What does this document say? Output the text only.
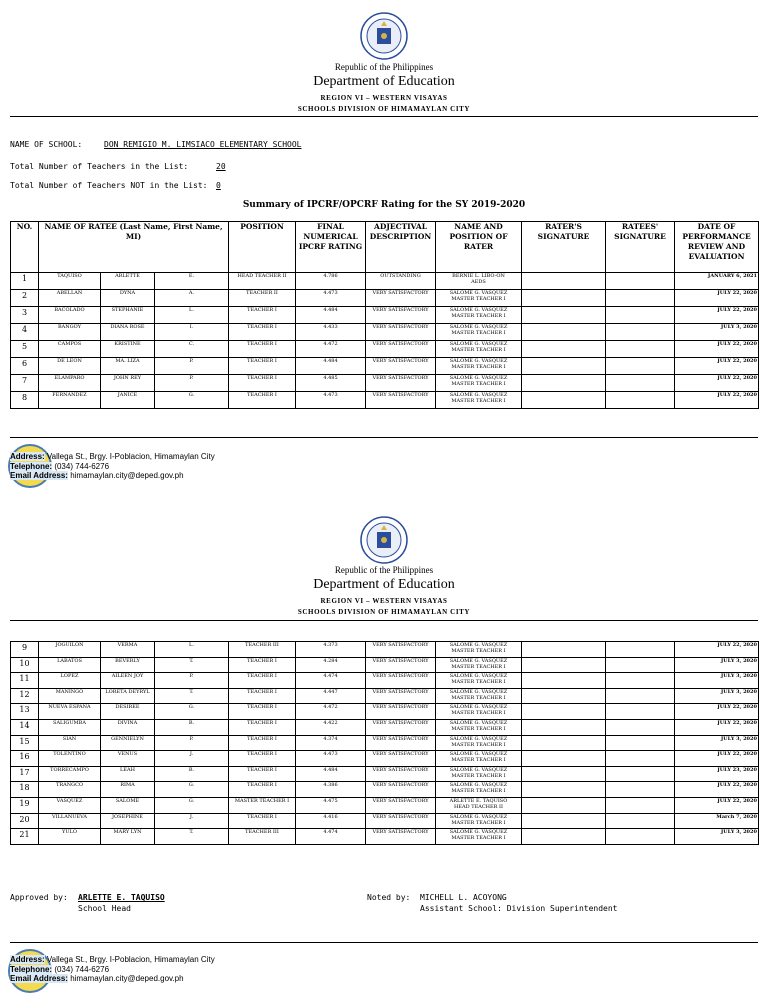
Republic of the Philippines
Department of Education
REGION VI – WESTERN VISAYAS
SCHOOLS DIVISION OF HIMAMAYLAN CITY
NAME OF SCHOOL:	DON REMIGIO M. LIMSIACO ELEMENTARY SCHOOL
Total Number of Teachers in the List:	20
Total Number of Teachers NOT in the List: 0
Summary of IPCRF/OPCRF Rating for the SY 2019-2020
NO.	NAME OF RATEE (Last Name, First Name, MI)			POSITION	FINAL NUMERICAL IPCRF RATING	ADJECTIVAL DESCRIPTION	NAME AND POSITION OF RATER	RATER'S SIGNATURE	RATEES' SIGNATURE	DATE OF PERFORMANCE REVIEW AND EVALUATION
1	TAQUISO	ARLETTE	E.	HEAD TEACHER II	4.786	OUTSTANDING	BERNIE L. LIBO-ON
AEDS			JANUARY 6, 2021
2	ABELLAN	DYNA	A.	TEACHER II	4.473	VERY SATISFACTORY	SALOME G. VASQUEZ
MASTER TEACHER I			JULY 22, 2020
3	BACOLADO	STEPHANIE	L.	TEACHER I	4.484	VERY SATISFACTORY	SALOME G. VASQUEZ
MASTER TEACHER I			JULY 22, 2020
4	BANGOY	DIANA ROSE	I.	TEACHER I	4.433	VERY SATISFACTORY	SALOME G. VASQUEZ
MASTER TEACHER I			JULY 3, 2020
5	CAMPOS	KRISTINE	C.	TEACHER I	4.472	VERY SATISFACTORY	SALOME G. VASQUEZ
MASTER TEACHER I			JULY 22, 2020
6	DE LEON	MA. LIZA	P.	TEACHER I	4.484	VERY SATISFACTORY	SALOME G. VASQUEZ
MASTER TEACHER I			JULY 22, 2020
7	ELAMPARO	JOHN REY	P.	TEACHER I	4.485	VERY SATISFACTORY	SALOME G. VASQUEZ
MASTER TEACHER I			JULY 22, 2020
8	FERNANDEZ	JANICE	G.	TEACHER I	4.473	VERY SATISFACTORY	SALOME G. VASQUEZ
MASTER TEACHER I			JULY 22, 2020
Address: Vallega St., Brgy. I-Poblacion, Himamaylan City
Telephone: (034) 744-6276
Email Address: himamaylan.city@deped.gov.ph
Republic of the Philippines
Department of Education
REGION VI – WESTERN VISAYAS
SCHOOLS DIVISION OF HIMAMAYLAN CITY
9	JOGUILON	VERMA	L.	TEACHER III	4.373	VERY SATISFACTORY	SALOME G. VASQUEZ
MASTER TEACHER I			JULY 22, 2020
10	LABATOS	BEVERLY	T.	TEACHER I	4.284	VERY SATISFACTORY	SALOME G. VASQUEZ
MASTER TEACHER I			JULY 3, 2020
11	LOPEZ	AILEEN JOY	P.	TEACHER I	4.474	VERY SATISFACTORY	SALOME G. VASQUEZ
MASTER TEACHER I			JULY 3, 2020
12	MANINGO	LORETA DEYRYL	T.	TEACHER I	4.447	VERY SATISFACTORY	SALOME G. VASQUEZ
MASTER TEACHER I			JULY 3, 2020
13	NUEVA ESPANA	DESIREE	G.	TEACHER I	4.472	VERY SATISFACTORY	SALOME G. VASQUEZ
MASTER TEACHER I			JULY 22, 2020
14	SALIGUMBA	DIVINA	B.	TEACHER I	4.422	VERY SATISFACTORY	SALOME G. VASQUEZ
MASTER TEACHER I			JULY 22, 2020
15	SIAN	GENNIELYN	P.	TEACHER I	4.374	VERY SATISFACTORY	SALOME G. VASQUEZ
MASTER TEACHER I			JULY 3, 2020
16	TOLENTINO	VENUS	J.	TEACHER I	4.473	VERY SATISFACTORY	SALOME G. VASQUEZ
MASTER TEACHER I			JULY 22, 2020
17	TORRECAMPO	LEAH	B.	TEACHER I	4.484	VERY SATISFACTORY	SALOME G. VASQUEZ
MASTER TEACHER I			JULY 23, 2020
18	TRANGCO	RIMA	G.	TEACHER I	4.386	VERY SATISFACTORY	SALOME G. VASQUEZ
MASTER TEACHER I			JULY 22, 2020
19	VASQUEZ	SALOME	G.	MASTER TEACHER I	4.475	VERY SATISFACTORY	ARLETTE E. TAQUISO
HEAD TEACHER II			JULY 22, 2020
20	VILLANUEVA	JOSEPHINE	J.	TEACHER I	4.416	VERY SATISFACTORY	SALOME G. VASQUEZ
MASTER TEACHER I			March 7, 2020
21	YULO	MARY LYN	T.	TEACHER III	4.474	VERY SATISFACTORY	SALOME G. VASQUEZ
MASTER TEACHER I			JULY 3, 2020
Approved by: ARLETTE E. TAQUISO
School Head
Noted by: MICHELL L. ACOYONG
Assistant School: Division Superintendent
Address: Vallega St., Brgy. I-Poblacion, Himamaylan City
Telephone: (034) 744-6276
Email Address: himamaylan.city@deped.gov.ph
